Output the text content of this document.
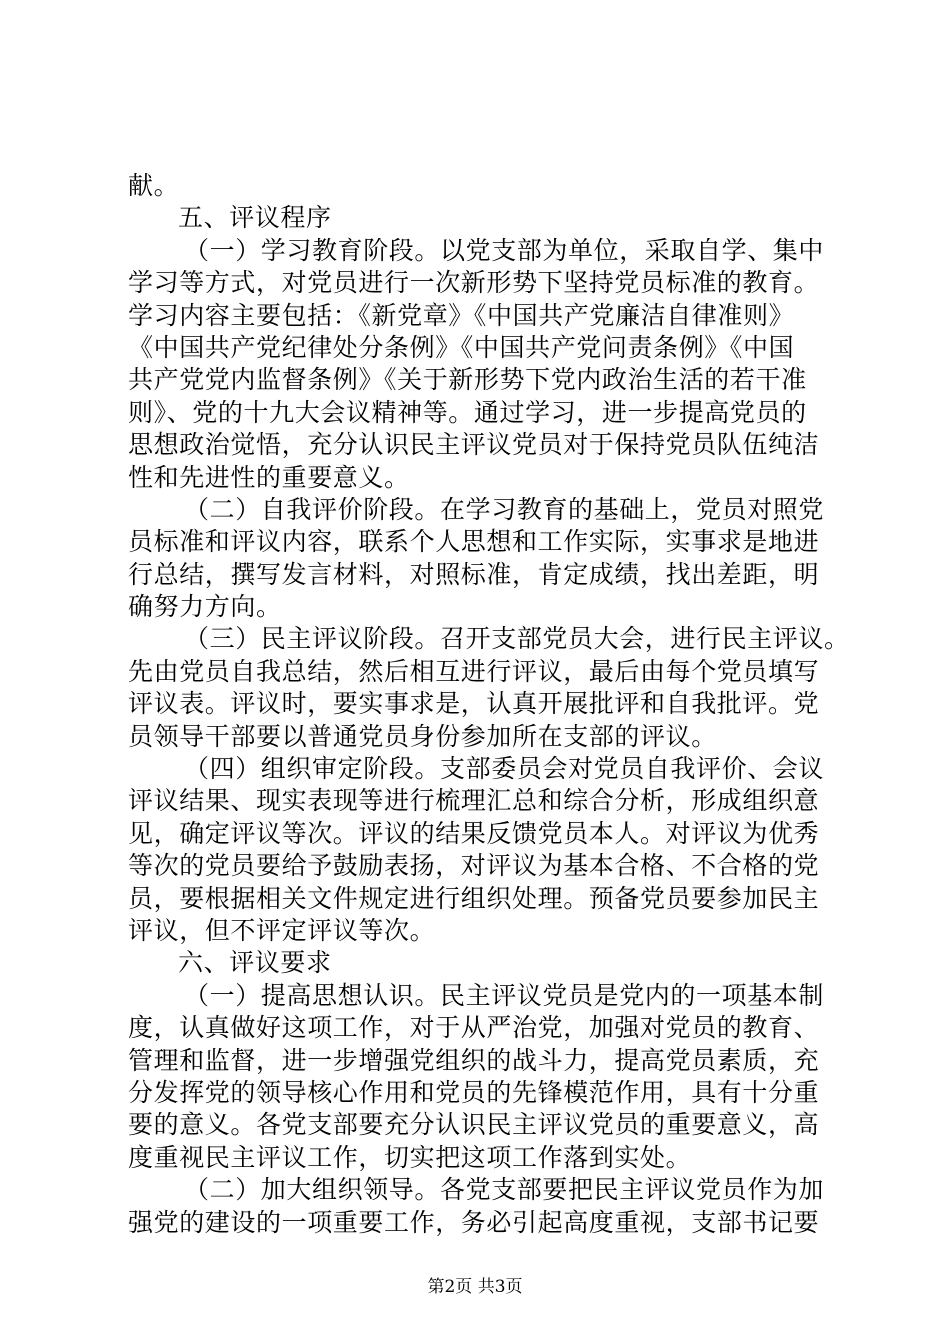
献。
五、评议程序
（一）学习教育阶段。以党支部为单位，采取自学、集中
学习等方式，对党员进行一次新形势下坚持党员标准的教育。
学习内容主要包括：《新党章》《中国共产党廉洁自律准则》
《中国共产党纪律处分条例》《中国共产党问责条例》《中国
共产党党内监督条例》《关于新形势下党内政治生活的若干准
则》、党的十九大会议精神等。通过学习，进一步提高党员的
思想政治觉悟，充分认识民主评议党员对于保持党员队伍纯洁
性和先进性的重要意义。
（二）自我评价阶段。在学习教育的基础上，党员对照党
员标准和评议内容，联系个人思想和工作实际，实事求是地进
行总结，撰写发言材料，对照标准，肯定成绩，找出差距，明
确努力方向。
（三）民主评议阶段。召开支部党员大会，进行民主评议。
先由党员自我总结，然后相互进行评议，最后由每个党员填写
评议表。评议时，要实事求是，认真开展批评和自我批评。党
员领导干部要以普通党员身份参加所在支部的评议。
（四）组织审定阶段。支部委员会对党员自我评价、会议
评议结果、现实表现等进行梳理汇总和综合分析，形成组织意
见，确定评议等次。评议的结果反馈党员本人。对评议为优秀
等次的党员要给予鼓励表扬，对评议为基本合格、不合格的党
员，要根据相关文件规定进行组织处理。预备党员要参加民主
评议，但不评定评议等次。
六、评议要求
（一）提高思想认识。民主评议党员是党内的一项基本制
度，认真做好这项工作，对于从严治党，加强对党员的教育、
管理和监督，进一步增强党组织的战斗力，提高党员素质，充
分发挥党的领导核心作用和党员的先锋模范作用，具有十分重
要的意义。各党支部要充分认识民主评议党员的重要意义，高
度重视民主评议工作，切实把这项工作落到实处。
（二）加大组织领导。各党支部要把民主评议党员作为加
强党的建设的一项重要工作，务必引起高度重视，支部书记要
第2页 共3页
